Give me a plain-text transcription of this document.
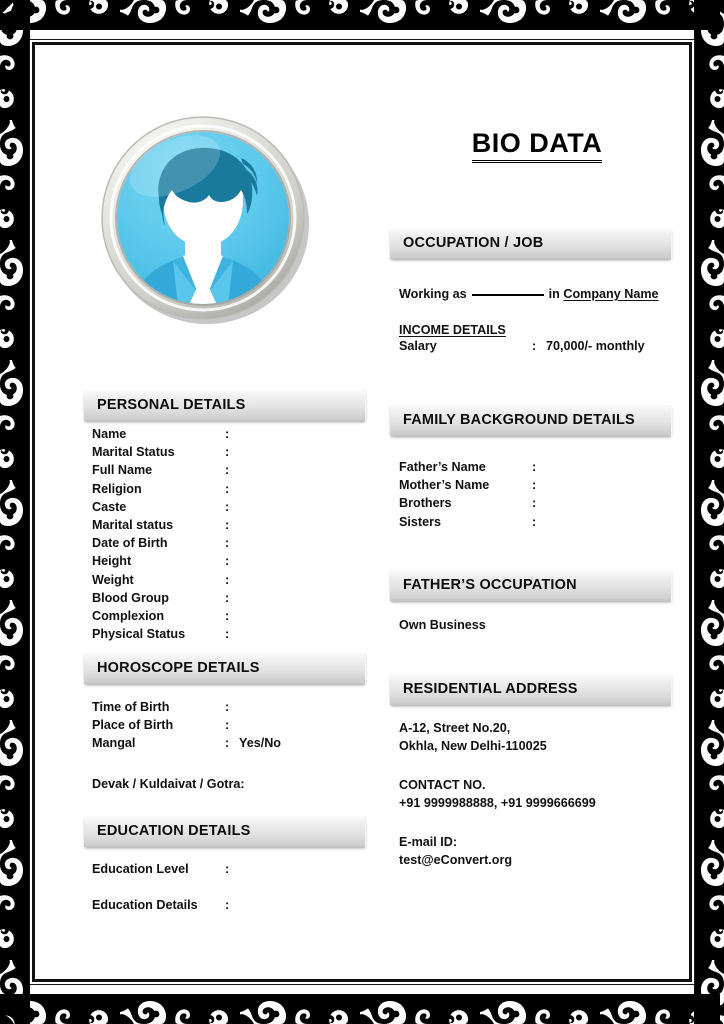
BIO DATA
OCCUPATION / JOB
Working as	in Company Name
INCOME DETAILS
Salary	: 70,000/- monthly
PERSONAL DETAILS
Name	:
Marital Status	:
Full Name	:
Religion	:
Caste	:
Marital status	:
Date of Birth	:
Height	:
Weight	:
Blood Group	:
Complexion	:
Physical Status	:
FAMILY BACKGROUND DETAILS
Father’s Name	:
Mother’s Name	:
Brothers	:
Sisters	:
FATHER’S OCCUPATION
Own Business
HOROSCOPE DETAILS
Time of Birth	:
Place of Birth	:
Mangal	: Yes/No
Devak / Kuldaivat / Gotra:
RESIDENTIAL ADDRESS
A-12, Street No.20,
Okhla, New Delhi-110025
CONTACT NO.
+91 9999988888, +91 9999666699
E-mail ID:
test@eConvert.org
EDUCATION DETAILS
Education Level	:
Education Details :
